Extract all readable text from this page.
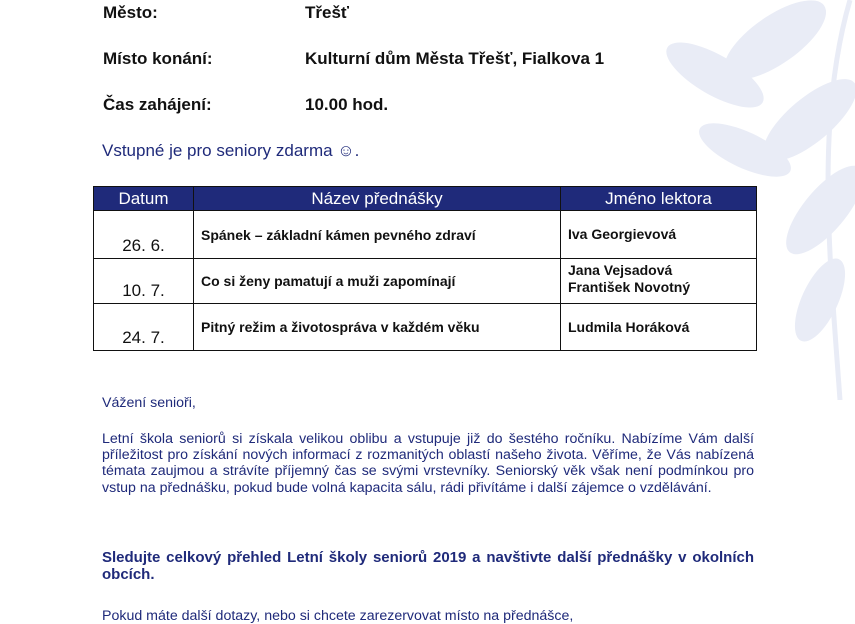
Město:	Třešť
Místo konání:	Kulturní dům Města Třešť, Fialkova 1
Čas zahájení:	10.00 hod.
Vstupné je pro seniory zdarma ☺.
Datum	Název přednášky	Jméno lektora
26. 6.	Spánek – základní kámen pevného zdraví	Iva Georgievová

10. 7.	Co si ženy pamatují a muži zapomínají	Jana Vejsadová
František Novotný

24. 7.	Pitný režim a životospráva v každém věku	Ludmila Horáková
Vážení senioři,
Letní škola seniorů si získala velikou oblibu a vstupuje již do šestého ročníku. Nabízíme Vám další příležitost pro získání nových informací z rozmanitých oblastí našeho života. Věříme, že Vás nabízená témata zaujmou a strávíte příjemný čas se svými vrstevníky. Seniorský věk však není podmínkou pro vstup na přednášku, pokud bude volná kapacita sálu, rádi přivítáme i další zájemce o vzdělávání.
Sledujte celkový přehled Letní školy seniorů 2019 a navštivte další přednášky v okolních obcích.
Pokud máte další dotazy, nebo si chcete zarezervovat místo na přednášce,
